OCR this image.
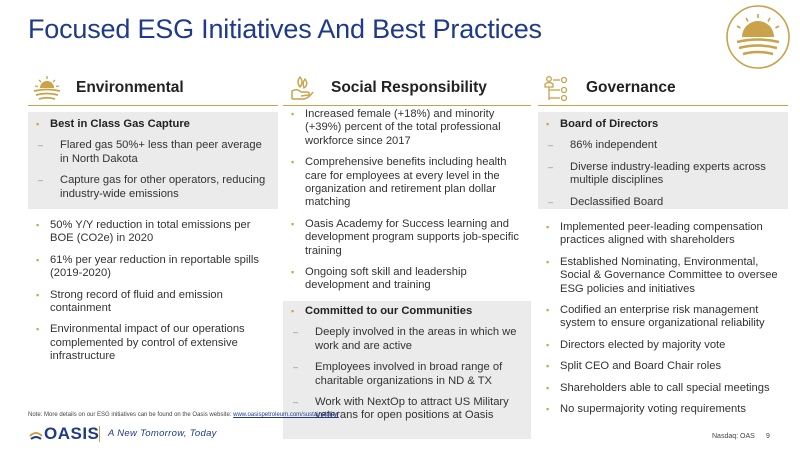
Focused ESG Initiatives And Best Practices
Environmental
▪ Best in Class Gas Capture
–	Flared gas 50%+ less than peer average in North Dakota
–	Capture gas for other operators, reducing industry-wide emissions
▪ 50% Y/Y reduction in total emissions per BOE (CO2e) in 2020
▪ 61% per year reduction in reportable spills (2019-2020)
▪ Strong record of fluid and emission containment
▪ Environmental impact of our operations complemented by control of extensive infrastructure
Social Responsibility
▪ Increased female (+18%) and minority (+39%) percent of the total professional workforce since 2017
▪ Comprehensive benefits including health care for employees at every level in the organization and retirement plan dollar matching
▪ Oasis Academy for Success learning and development program supports job-specific training
▪ Ongoing soft skill and leadership development and training
▪ Committed to our Communities
–	Deeply involved in the areas in which we work and are active
–	Employees involved in broad range of charitable organizations in ND & TX
–	Work with NextOp to attract US Military veterans for open positions at Oasis
Governance
▪ Board of Directors
–	86% independent
–	Diverse industry-leading experts across multiple disciplines
–	Declassified Board
▪ Implemented peer-leading compensation practices aligned with shareholders
▪ Established Nominating, Environmental, Social & Governance Committee to oversee ESG policies and initiatives
▪ Codified an enterprise risk management system to ensure organizational reliability
▪ Directors elected by majority vote
▪ Split CEO and Board Chair roles
▪ Shareholders able to call special meetings
▪ No supermajority voting requirements
Note: More details on our ESG initiatives can be found on the Oasis website: www.oasispetroleum.com/sustainability/
OASIS A New Tomorrow, Today	Nasdaq: OAS 9
